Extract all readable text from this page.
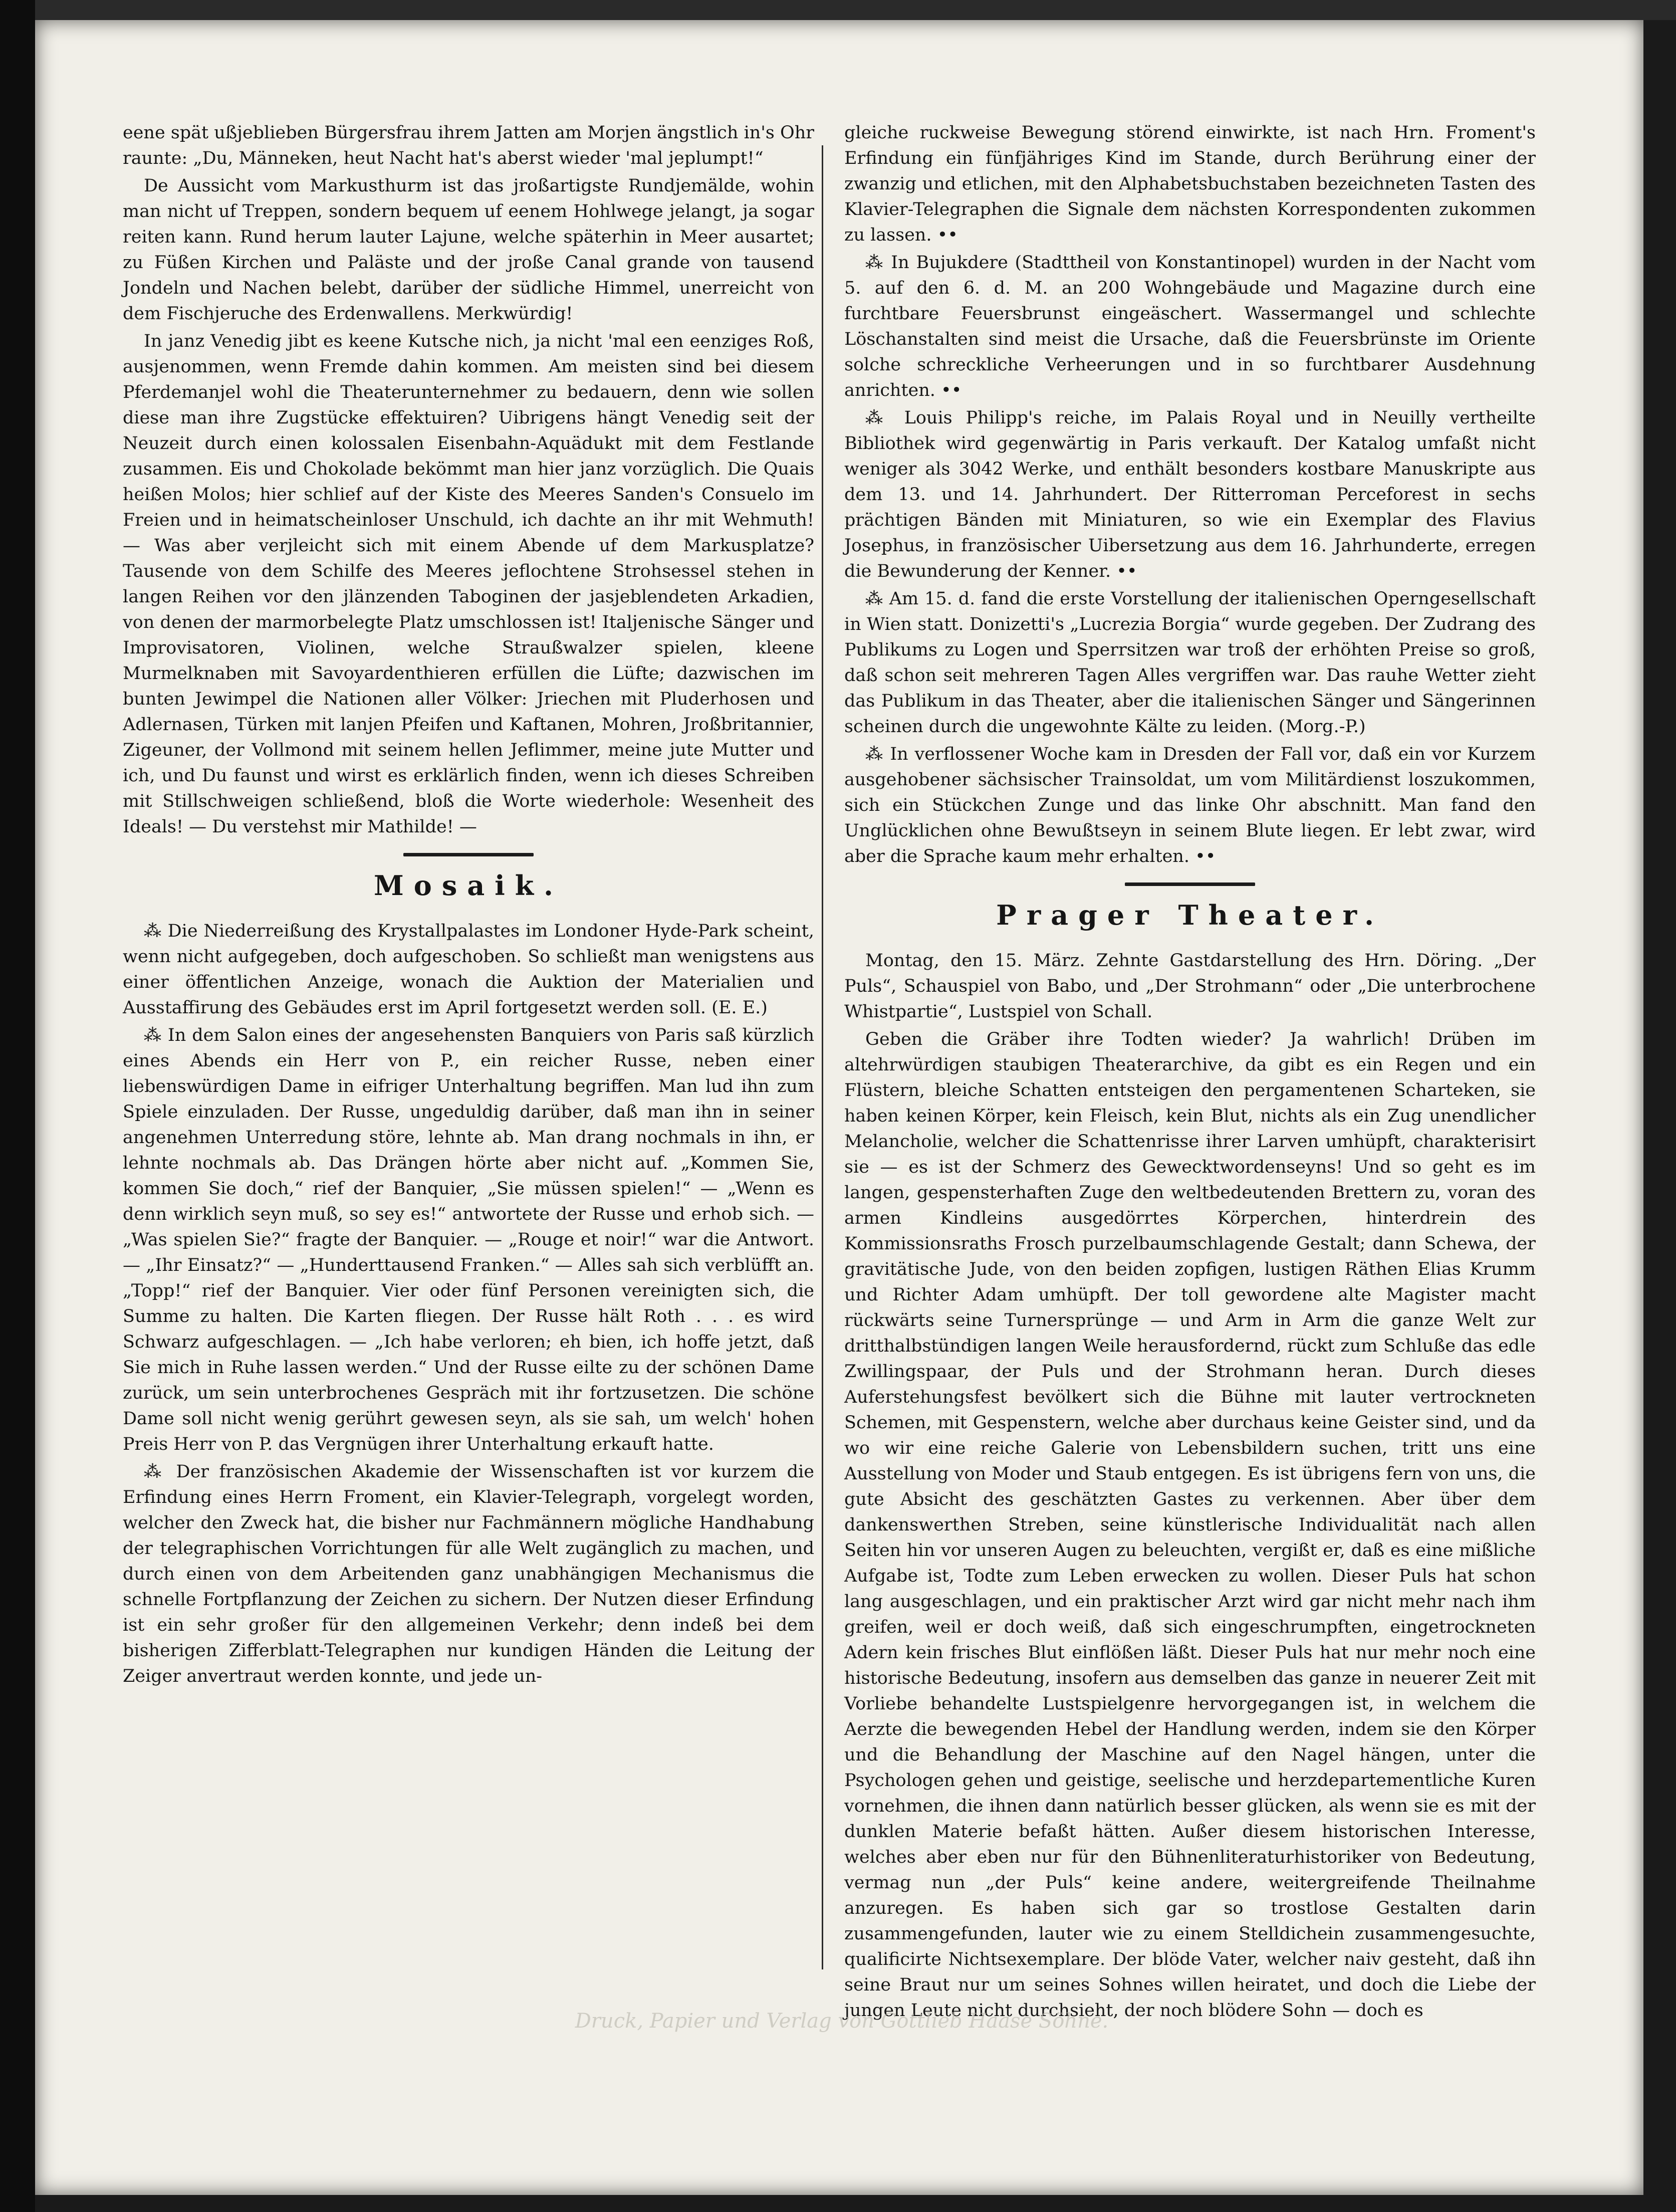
eene spät ußjeblieben Bürgersfrau ihrem Jatten am Morjen ängstlich in's Ohr raunte: „Du, Männeken, heut Nacht hat's aberst wieder 'mal jeplumpt!“

De Aussicht vom Markusthurm ist das jroßartigste Rundjemälde, wohin man nicht uf Treppen, sondern bequem uf eenem Hohlwege jelangt, ja sogar reiten kann. Rund herum lauter Lajune, welche späterhin in Meer ausartet; zu Füßen Kirchen und Paläste und der jroße Canal grande von tausend Jondeln und Nachen belebt, darüber der südliche Himmel, unerreicht von dem Fischjeruche des Erdenwallens. Merkwürdig!

In janz Venedig jibt es keene Kutsche nich, ja nicht 'mal een eenziges Roß, ausjenommen, wenn Fremde dahin kommen. Am meisten sind bei diesem Pferdemanjel wohl die Theaterunternehmer zu bedauern, denn wie sollen diese man ihre Zugstücke effektuiren? Uibrigens hängt Venedig seit der Neuzeit durch einen kolossalen Eisenbahn-Aquädukt mit dem Festlande zusammen. Eis und Chokolade bekömmt man hier janz vorzüglich. Die Quais heißen Molos; hier schlief auf der Kiste des Meeres Sanden's Consuelo im Freien und in heimatscheinloser Unschuld, ich dachte an ihr mit Wehmuth! — Was aber verjleicht sich mit einem Abende uf dem Markusplatze? Tausende von dem Schilfe des Meeres jeflochtene Strohsessel stehen in langen Reihen vor den jlänzenden Taboginen der jasjeblendeten Arkadien, von denen der marmorbelegte Platz umschlossen ist! Italjenische Sänger und Improvisatoren, Violinen, welche Straußwalzer spielen, kleene Murmelknaben mit Savoyardenthieren erfüllen die Lüfte; dazwischen im bunten Jewimpel die Nationen aller Völker: Jriechen mit Pluderhosen und Adlernasen, Türken mit lanjen Pfeifen und Kaftanen, Mohren, Jroßbritannier, Zigeuner, der Vollmond mit seinem hellen Jeflimmer, meine jute Mutter und ich, und Du faunst und wirst es erklärlich finden, wenn ich dieses Schreiben mit Stillschweigen schließend, bloß die Worte wiederhole: Wesenheit des Ideals! — Du verstehst mir Mathilde! —

Mosaik.

⁂ Die Niederreißung des Krystallpalastes im Londoner Hyde-Park scheint, wenn nicht aufgegeben, doch aufgeschoben. So schließt man wenigstens aus einer öffentlichen Anzeige, wonach die Auktion der Materialien und Ausstaffirung des Gebäudes erst im April fortgesetzt werden soll. (E. E.)

⁂ In dem Salon eines der angesehensten Banquiers von Paris saß kürzlich eines Abends ein Herr von P., ein reicher Russe, neben einer liebenswürdigen Dame in eifriger Unterhaltung begriffen. Man lud ihn zum Spiele einzuladen. Der Russe, ungeduldig darüber, daß man ihn in seiner angenehmen Unterredung störe, lehnte ab. Man drang nochmals in ihn, er lehnte nochmals ab. Das Drängen hörte aber nicht auf. „Kommen Sie, kommen Sie doch,“ rief der Banquier, „Sie müssen spielen!“ — „Wenn es denn wirklich seyn muß, so sey es!“ antwortete der Russe und erhob sich. — „Was spielen Sie?“ fragte der Banquier. — „Rouge et noir!“ war die Antwort. — „Ihr Einsatz?“ — „Hunderttausend Franken.“ — Alles sah sich verblüfft an. „Topp!“ rief der Banquier. Vier oder fünf Personen vereinigten sich, die Summe zu halten. Die Karten fliegen. Der Russe hält Roth . . . es wird Schwarz aufgeschlagen. — „Ich habe verloren; eh bien, ich hoffe jetzt, daß Sie mich in Ruhe lassen werden.“ Und der Russe eilte zu der schönen Dame zurück, um sein unterbrochenes Gespräch mit ihr fortzusetzen. Die schöne Dame soll nicht wenig gerührt gewesen seyn, als sie sah, um welch' hohen Preis Herr von P. das Vergnügen ihrer Unterhaltung erkauft hatte.

⁂ Der französischen Akademie der Wissenschaften ist vor kurzem die Erfindung eines Herrn Froment, ein Klavier-Telegraph, vorgelegt worden, welcher den Zweck hat, die bisher nur Fachmännern mögliche Handhabung der telegraphischen Vorrichtungen für alle Welt zugänglich zu machen, und durch einen von dem Arbeitenden ganz unabhängigen Mechanismus die schnelle Fortpflanzung der Zeichen zu sichern. Der Nutzen dieser Erfindung ist ein sehr großer für den allgemeinen Verkehr; denn indeß bei dem bisherigen Zifferblatt-Telegraphen nur kundigen Händen die Leitung der Zeiger anvertraut werden konnte, und jede un-

gleiche ruckweise Bewegung störend einwirkte, ist nach Hrn. Froment's Erfindung ein fünfjähriges Kind im Stande, durch Berührung einer der zwanzig und etlichen, mit den Alphabetsbuchstaben bezeichneten Tasten des Klavier-Telegraphen die Signale dem nächsten Korrespondenten zukommen zu lassen. ••

⁂ In Bujukdere (Stadttheil von Konstantinopel) wurden in der Nacht vom 5. auf den 6. d. M. an 200 Wohngebäude und Magazine durch eine furchtbare Feuersbrunst eingeäschert. Wassermangel und schlechte Löschanstalten sind meist die Ursache, daß die Feuersbrünste im Oriente solche schreckliche Verheerungen und in so furchtbarer Ausdehnung anrichten. ••

⁂ Louis Philipp's reiche, im Palais Royal und in Neuilly vertheilte Bibliothek wird gegenwärtig in Paris verkauft. Der Katalog umfaßt nicht weniger als 3042 Werke, und enthält besonders kostbare Manuskripte aus dem 13. und 14. Jahrhundert. Der Ritterroman Perceforest in sechs prächtigen Bänden mit Miniaturen, so wie ein Exemplar des Flavius Josephus, in französischer Uibersetzung aus dem 16. Jahrhunderte, erregen die Bewunderung der Kenner. ••

⁂ Am 15. d. fand die erste Vorstellung der italienischen Operngesellschaft in Wien statt. Donizetti's „Lucrezia Borgia“ wurde gegeben. Der Zudrang des Publikums zu Logen und Sperrsitzen war troß der erhöhten Preise so groß, daß schon seit mehreren Tagen Alles vergriffen war. Das rauhe Wetter zieht das Publikum in das Theater, aber die italienischen Sänger und Sängerinnen scheinen durch die ungewohnte Kälte zu leiden. (Morg.-P.)

⁂ In verflossener Woche kam in Dresden der Fall vor, daß ein vor Kurzem ausgehobener sächsischer Trainsoldat, um vom Militärdienst loszukommen, sich ein Stückchen Zunge und das linke Ohr abschnitt. Man fand den Unglücklichen ohne Bewußtseyn in seinem Blute liegen. Er lebt zwar, wird aber die Sprache kaum mehr erhalten. ••

Prager Theater.

Montag, den 15. März. Zehnte Gastdarstellung des Hrn. Döring. „Der Puls“, Schauspiel von Babo, und „Der Strohmann“ oder „Die unterbrochene Whistpartie“, Lustspiel von Schall.

Geben die Gräber ihre Todten wieder? Ja wahrlich! Drüben im altehrwürdigen staubigen Theaterarchive, da gibt es ein Regen und ein Flüstern, bleiche Schatten entsteigen den pergamentenen Scharteken, sie haben keinen Körper, kein Fleisch, kein Blut, nichts als ein Zug unendlicher Melancholie, welcher die Schattenrisse ihrer Larven umhüpft, charakterisirt sie — es ist der Schmerz des Gewecktwordenseyns! Und so geht es im langen, gespensterhaften Zuge den weltbedeutenden Brettern zu, voran des armen Kindleins ausgedörrtes Körperchen, hinterdrein des Kommissionsraths Frosch purzelbaumschlagende Gestalt; dann Schewa, der gravitätische Jude, von den beiden zopfigen, lustigen Räthen Elias Krumm und Richter Adam umhüpft. Der toll gewordene alte Magister macht rückwärts seine Turnersprünge — und Arm in Arm die ganze Welt zur dritthalbstündigen langen Weile herausfordernd, rückt zum Schluße das edle Zwillingspaar, der Puls und der Strohmann heran. Durch dieses Auferstehungsfest bevölkert sich die Bühne mit lauter vertrockneten Schemen, mit Gespenstern, welche aber durchaus keine Geister sind, und da wo wir eine reiche Galerie von Lebensbildern suchen, tritt uns eine Ausstellung von Moder und Staub entgegen. Es ist übrigens fern von uns, die gute Absicht des geschätzten Gastes zu verkennen. Aber über dem dankenswerthen Streben, seine künstlerische Individualität nach allen Seiten hin vor unseren Augen zu beleuchten, vergißt er, daß es eine mißliche Aufgabe ist, Todte zum Leben erwecken zu wollen. Dieser Puls hat schon lang ausgeschlagen, und ein praktischer Arzt wird gar nicht mehr nach ihm greifen, weil er doch weiß, daß sich eingeschrumpften, eingetrockneten Adern kein frisches Blut einflößen läßt. Dieser Puls hat nur mehr noch eine historische Bedeutung, insofern aus demselben das ganze in neuerer Zeit mit Vorliebe behandelte Lustspielgenre hervorgegangen ist, in welchem die Aerzte die bewegenden Hebel der Handlung werden, indem sie den Körper und die Behandlung der Maschine auf den Nagel hängen, unter die Psychologen gehen und geistige, seelische und herzdepartementliche Kuren vornehmen, die ihnen dann natürlich besser glücken, als wenn sie es mit der dunklen Materie befaßt hätten. Außer diesem historischen Interesse, welches aber eben nur für den Bühnenliteraturhistoriker von Bedeutung, vermag nun „der Puls“ keine andere, weitergreifende Theilnahme anzuregen. Es haben sich gar so trostlose Gestalten darin zusammengefunden, lauter wie zu einem Stelldichein zusammengesuchte, qualificirte Nichtsexemplare. Der blöde Vater, welcher naiv gesteht, daß ihn seine Braut nur um seines Sohnes willen heiratet, und doch die Liebe der jungen Leute nicht durchsieht, der noch blödere Sohn — doch es

Druck, Papier und Verlag von Gottlieb Haase Söhne.
